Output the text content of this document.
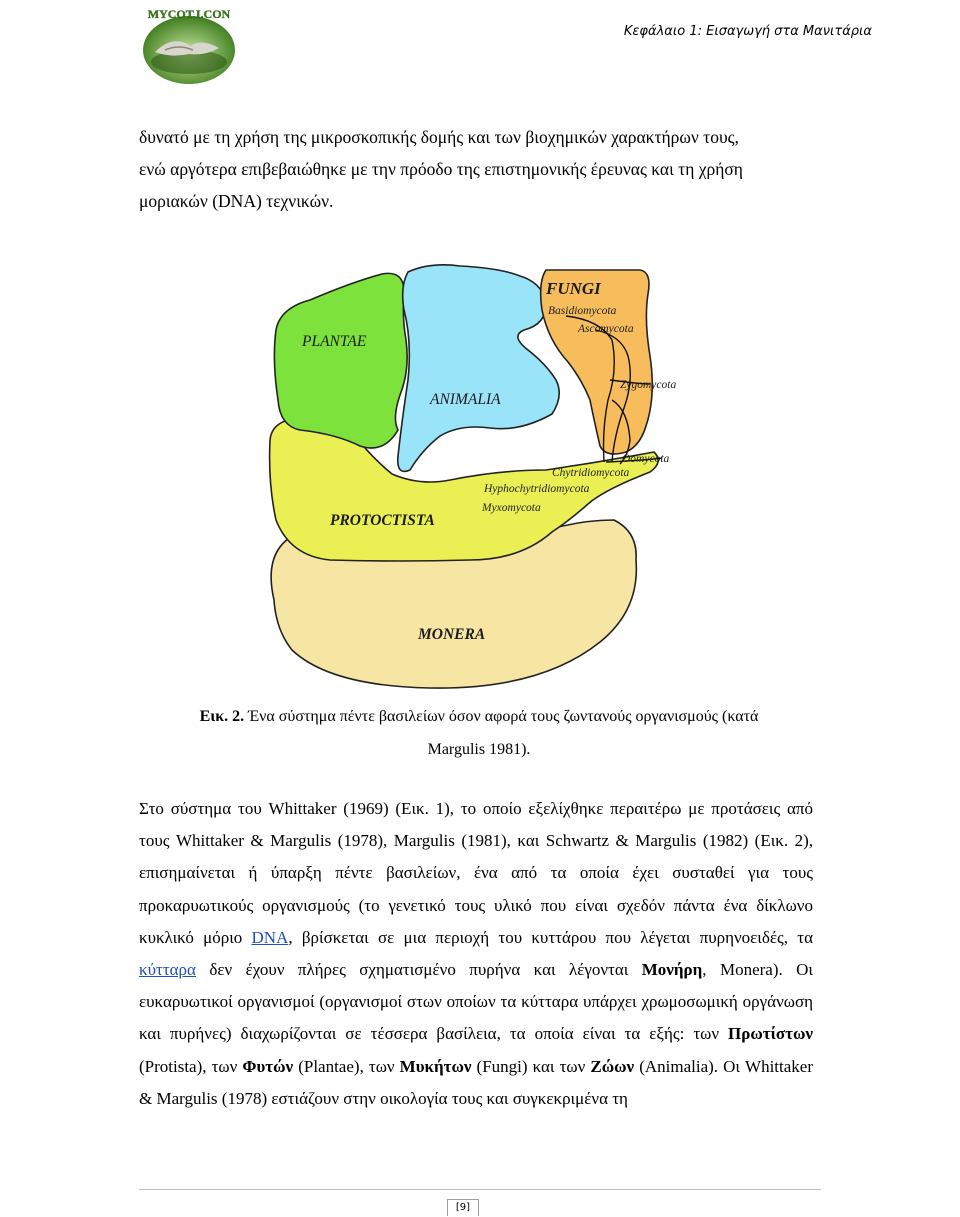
MYCOT.I.CON
Κεφάλαιο 1: Εισαγωγή στα Μανιτάρια

δυνατό με τη χρήση της μικροσκοπικής δομής και των βιοχημικών χαρακτήρων τους,

ενώ αργότερα επιβεβαιώθηκε με την πρόοδο της επιστημονικής έρευνας και τη χρήση

μοριακών (DNA) τεχνικών.

FUNGI
Basidiomycota
Ascomycota
Zygomycota
PLANTAE
ANIMALIA
Oomycota
Chytridiomycota
Hyphochytridiomycota
Myxomycota
PROTOCTISTA
MONERA
Εικ. 2. Ένα σύστημα πέντε βασιλείων όσον αφορά τους ζωντανούς οργανισμούς (κατά
Margulis 1981).

Στο σύστημα του Whittaker (1969) (Εικ. 1), το οποίο εξελίχθηκε περαιτέρω με προτάσεις από τους Whittaker & Margulis (1978), Margulis (1981), και Schwartz & Margulis (1982) (Εικ. 2), επισημαίνεται ή ύπαρξη πέντε βασιλείων, ένα από τα οποία έχει συσταθεί για τους προκαρυωτικούς οργανισμούς (το γενετικό τους υλικό που είναι σχεδόν πάντα ένα δίκλωνο κυκλικό μόριο DNA, βρίσκεται σε μια περιοχή του κυττάρου που λέγεται πυρηνοειδές, τα κύτταρα δεν έχουν πλήρες σχηματισμένο πυρήνα και λέγονται Μονήρη, Monera). Οι ευκαρυωτικοί οργανισμοί (οργανισμοί στων οποίων τα κύτταρα υπάρχει χρωμοσωμική οργάνωση και πυρήνες) διαχωρίζονται σε τέσσερα βασίλεια, τα οποία είναι τα εξής: των Πρωτίστων (Protista), των Φυτών (Plantae), των Μυκήτων (Fungi) και των Ζώων (Animalia). Οι Whittaker & Margulis (1978) εστιάζουν στην οικολογία τους και συγκεκριμένα τη

[9]
